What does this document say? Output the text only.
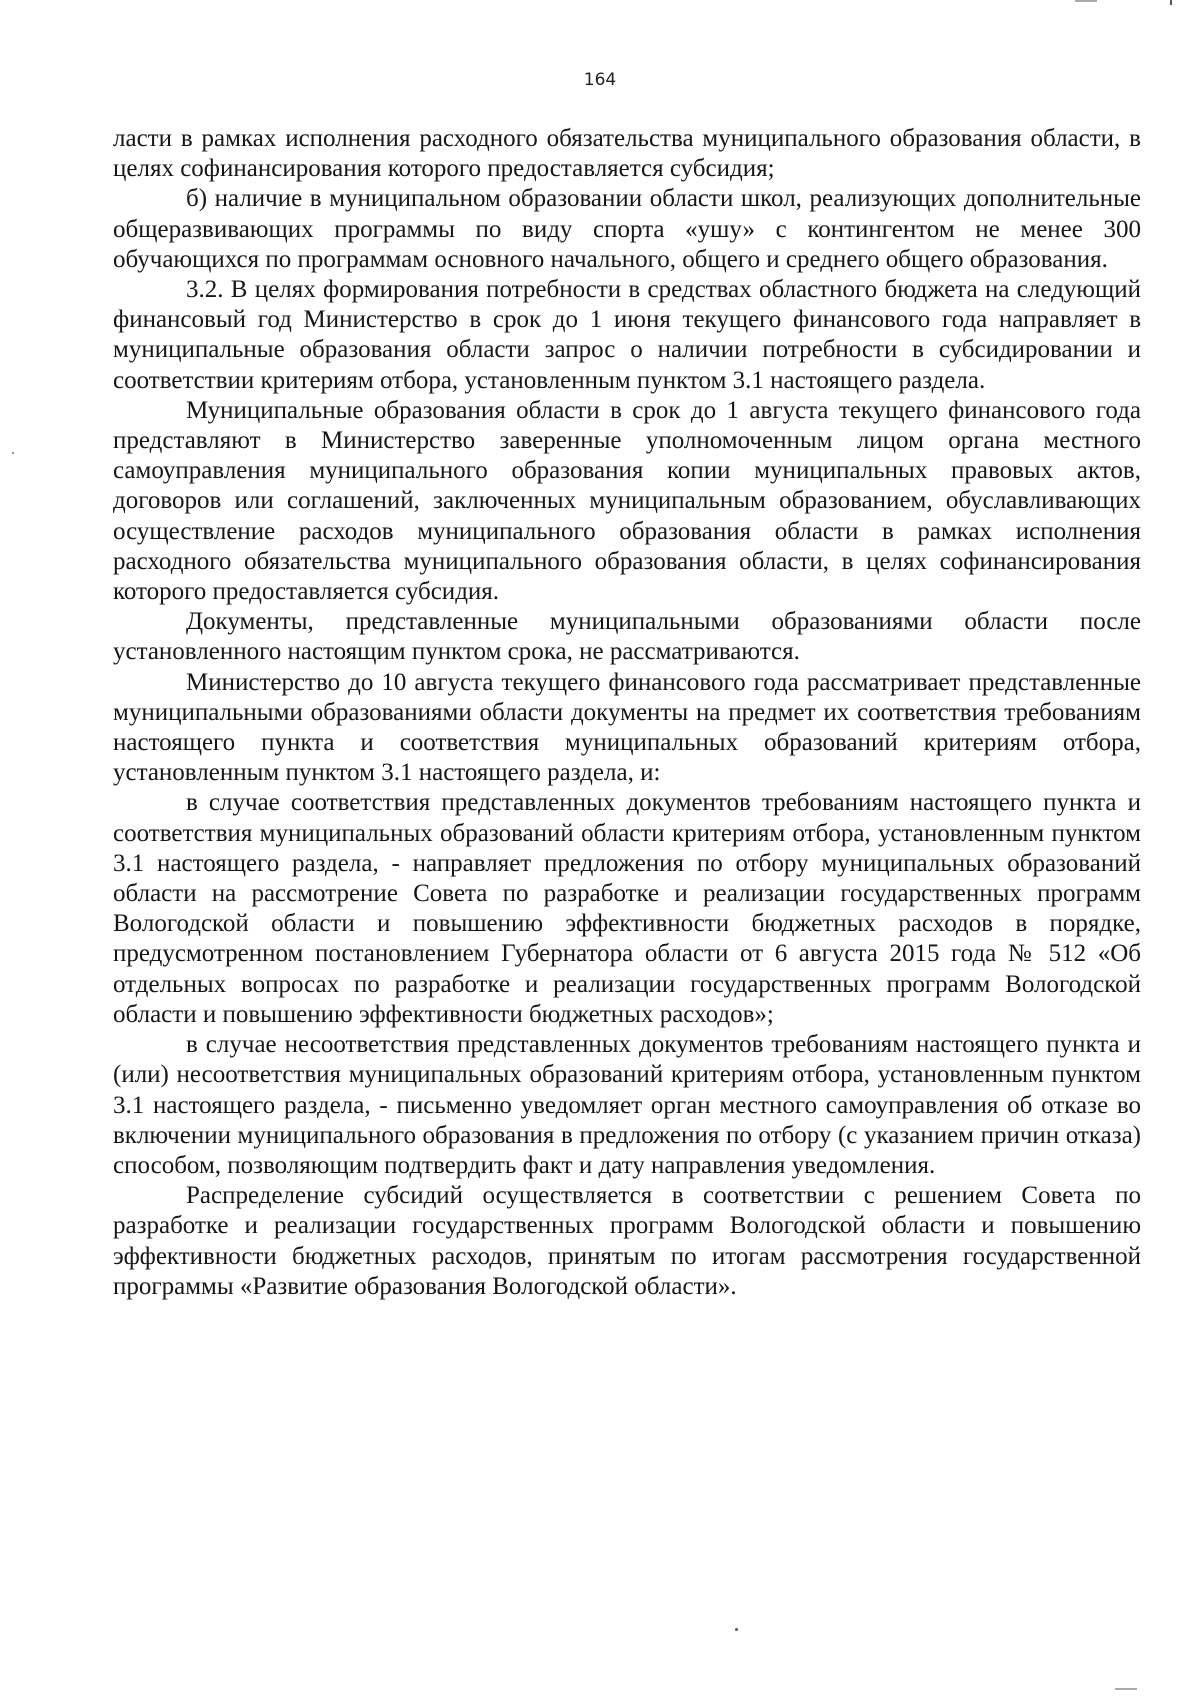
164

ласти в рамках исполнения расходного обязательства муниципального образования области, в целях софинансирования которого предоставляется субсидия;

б) наличие в муниципальном образовании области школ, реализующих дополнительные общеразвивающих программы по виду спорта «ушу» с контингентом не менее 300 обучающихся по программам основного начального, общего и среднего общего образования.

3.2. В целях формирования потребности в средствах областного бюджета на следующий финансовый год Министерство в срок до 1 июня текущего финансового года направляет в муниципальные образования области запрос о наличии потребности в субсидировании и соответствии критериям отбора, установленным пунктом 3.1 настоящего раздела.

Муниципальные образования области в срок до 1 августа текущего финансового года представляют в Министерство заверенные уполномоченным лицом органа местного самоуправления муниципального образования копии муниципальных правовых актов, договоров или соглашений, заключенных муниципальным образованием, обуславливающих осуществление расходов муниципального образования области в рамках исполнения расходного обязательства муниципального образования области, в целях софинансирования которого предоставляется субсидия.

Документы, представленные муниципальными образованиями области после установленного настоящим пунктом срока, не рассматриваются.

Министерство до 10 августа текущего финансового года рассматривает представленные муниципальными образованиями области документы на предмет их соответствия требованиям настоящего пункта и соответствия муниципальных образований критериям отбора, установленным пунктом 3.1 настоящего раздела, и:

в случае соответствия представленных документов требованиям настоящего пункта и соответствия муниципальных образований области критериям отбора, установленным пунктом 3.1 настоящего раздела, - направляет предложения по отбору муниципальных образований области на рассмотрение Совета по разработке и реализации государственных программ Вологодской области и повышению эффективности бюджетных расходов в порядке, предусмотренном постановлением Губернатора области от 6 августа 2015 года № 512 «Об отдельных вопросах по разработке и реализации государственных программ Вологодской области и повышению эффективности бюджетных расходов»;

в случае несоответствия представленных документов требованиям настоящего пункта и (или) несоответствия муниципальных образований критериям отбора, установленным пунктом 3.1 настоящего раздела, - письменно уведомляет орган местного самоуправления об отказе во включении муниципального образования в предложения по отбору (с указанием причин отказа) способом, позволяющим подтвердить факт и дату направления уведомления.

Распределение субсидий осуществляется в соответствии с решением Совета по разработке и реализации государственных программ Вологодской области и повышению эффективности бюджетных расходов, принятым по итогам рассмотрения государственной программы «Развитие образования Вологодской области».
